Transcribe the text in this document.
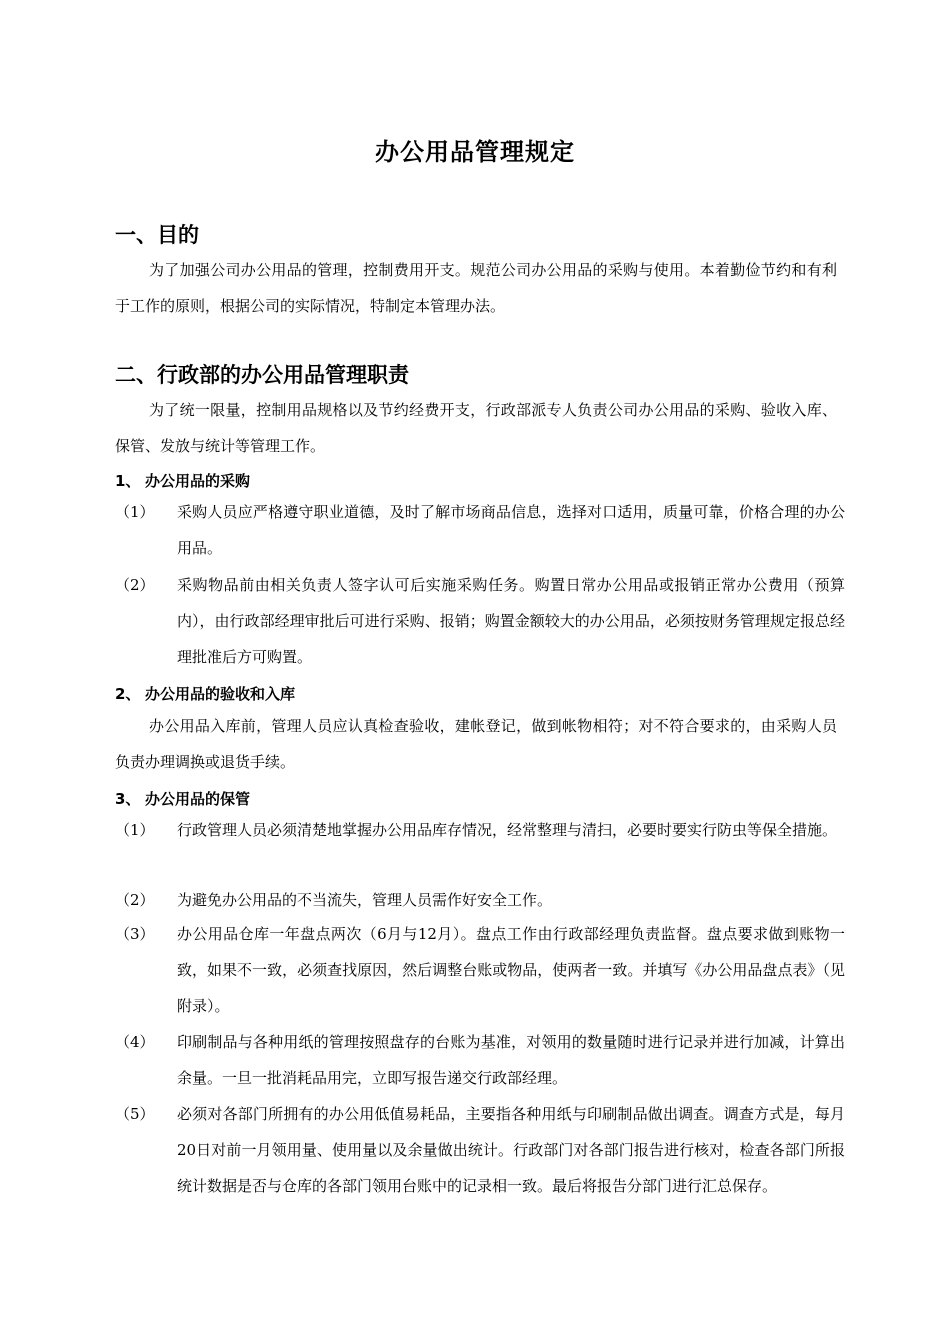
办公用品管理规定
一、目的
为了加强公司办公用品的管理，控制费用开支。规范公司办公用品的采购与使用。本着勤俭节约和有利于工作的原则，根据公司的实际情况，特制定本管理办法。
二、行政部的办公用品管理职责
为了统一限量，控制用品规格以及节约经费开支，行政部派专人负责公司办公用品的采购、验收入库、保管、发放与统计等管理工作。
1、 办公用品的采购
（1）	采购人员应严格遵守职业道德，及时了解市场商品信息，选择对口适用，质量可靠，价格合理的办公用品。
（2）	采购物品前由相关负责人签字认可后实施采购任务。购置日常办公用品或报销正常办公费用（预算内），由行政部经理审批后可进行采购、报销；购置金额较大的办公用品，必须按财务管理规定报总经理批准后方可购置。
2、 办公用品的验收和入库
办公用品入库前，管理人员应认真检查验收，建帐登记，做到帐物相符；对不符合要求的，由采购人员负责办理调换或退货手续。
3、 办公用品的保管
（1）	行政管理人员必须清楚地掌握办公用品库存情况，经常整理与清扫，必要时要实行防虫等保全措施。
（2）	为避免办公用品的不当流失，管理人员需作好安全工作。
（3）	办公用品仓库一年盘点两次（6月与12月）。盘点工作由行政部经理负责监督。盘点要求做到账物一致，如果不一致，必须查找原因，然后调整台账或物品，使两者一致。并填写《办公用品盘点表》（见附录）。
（4）	印刷制品与各种用纸的管理按照盘存的台账为基准，对领用的数量随时进行记录并进行加减，计算出余量。一旦一批消耗品用完，立即写报告递交行政部经理。
（5）	必须对各部门所拥有的办公用低值易耗品，主要指各种用纸与印刷制品做出调查。调查方式是，每月20日对前一月领用量、使用量以及余量做出统计。行政部门对各部门报告进行核对，检查各部门所报统计数据是否与仓库的各部门领用台账中的记录相一致。最后将报告分部门进行汇总保存。
